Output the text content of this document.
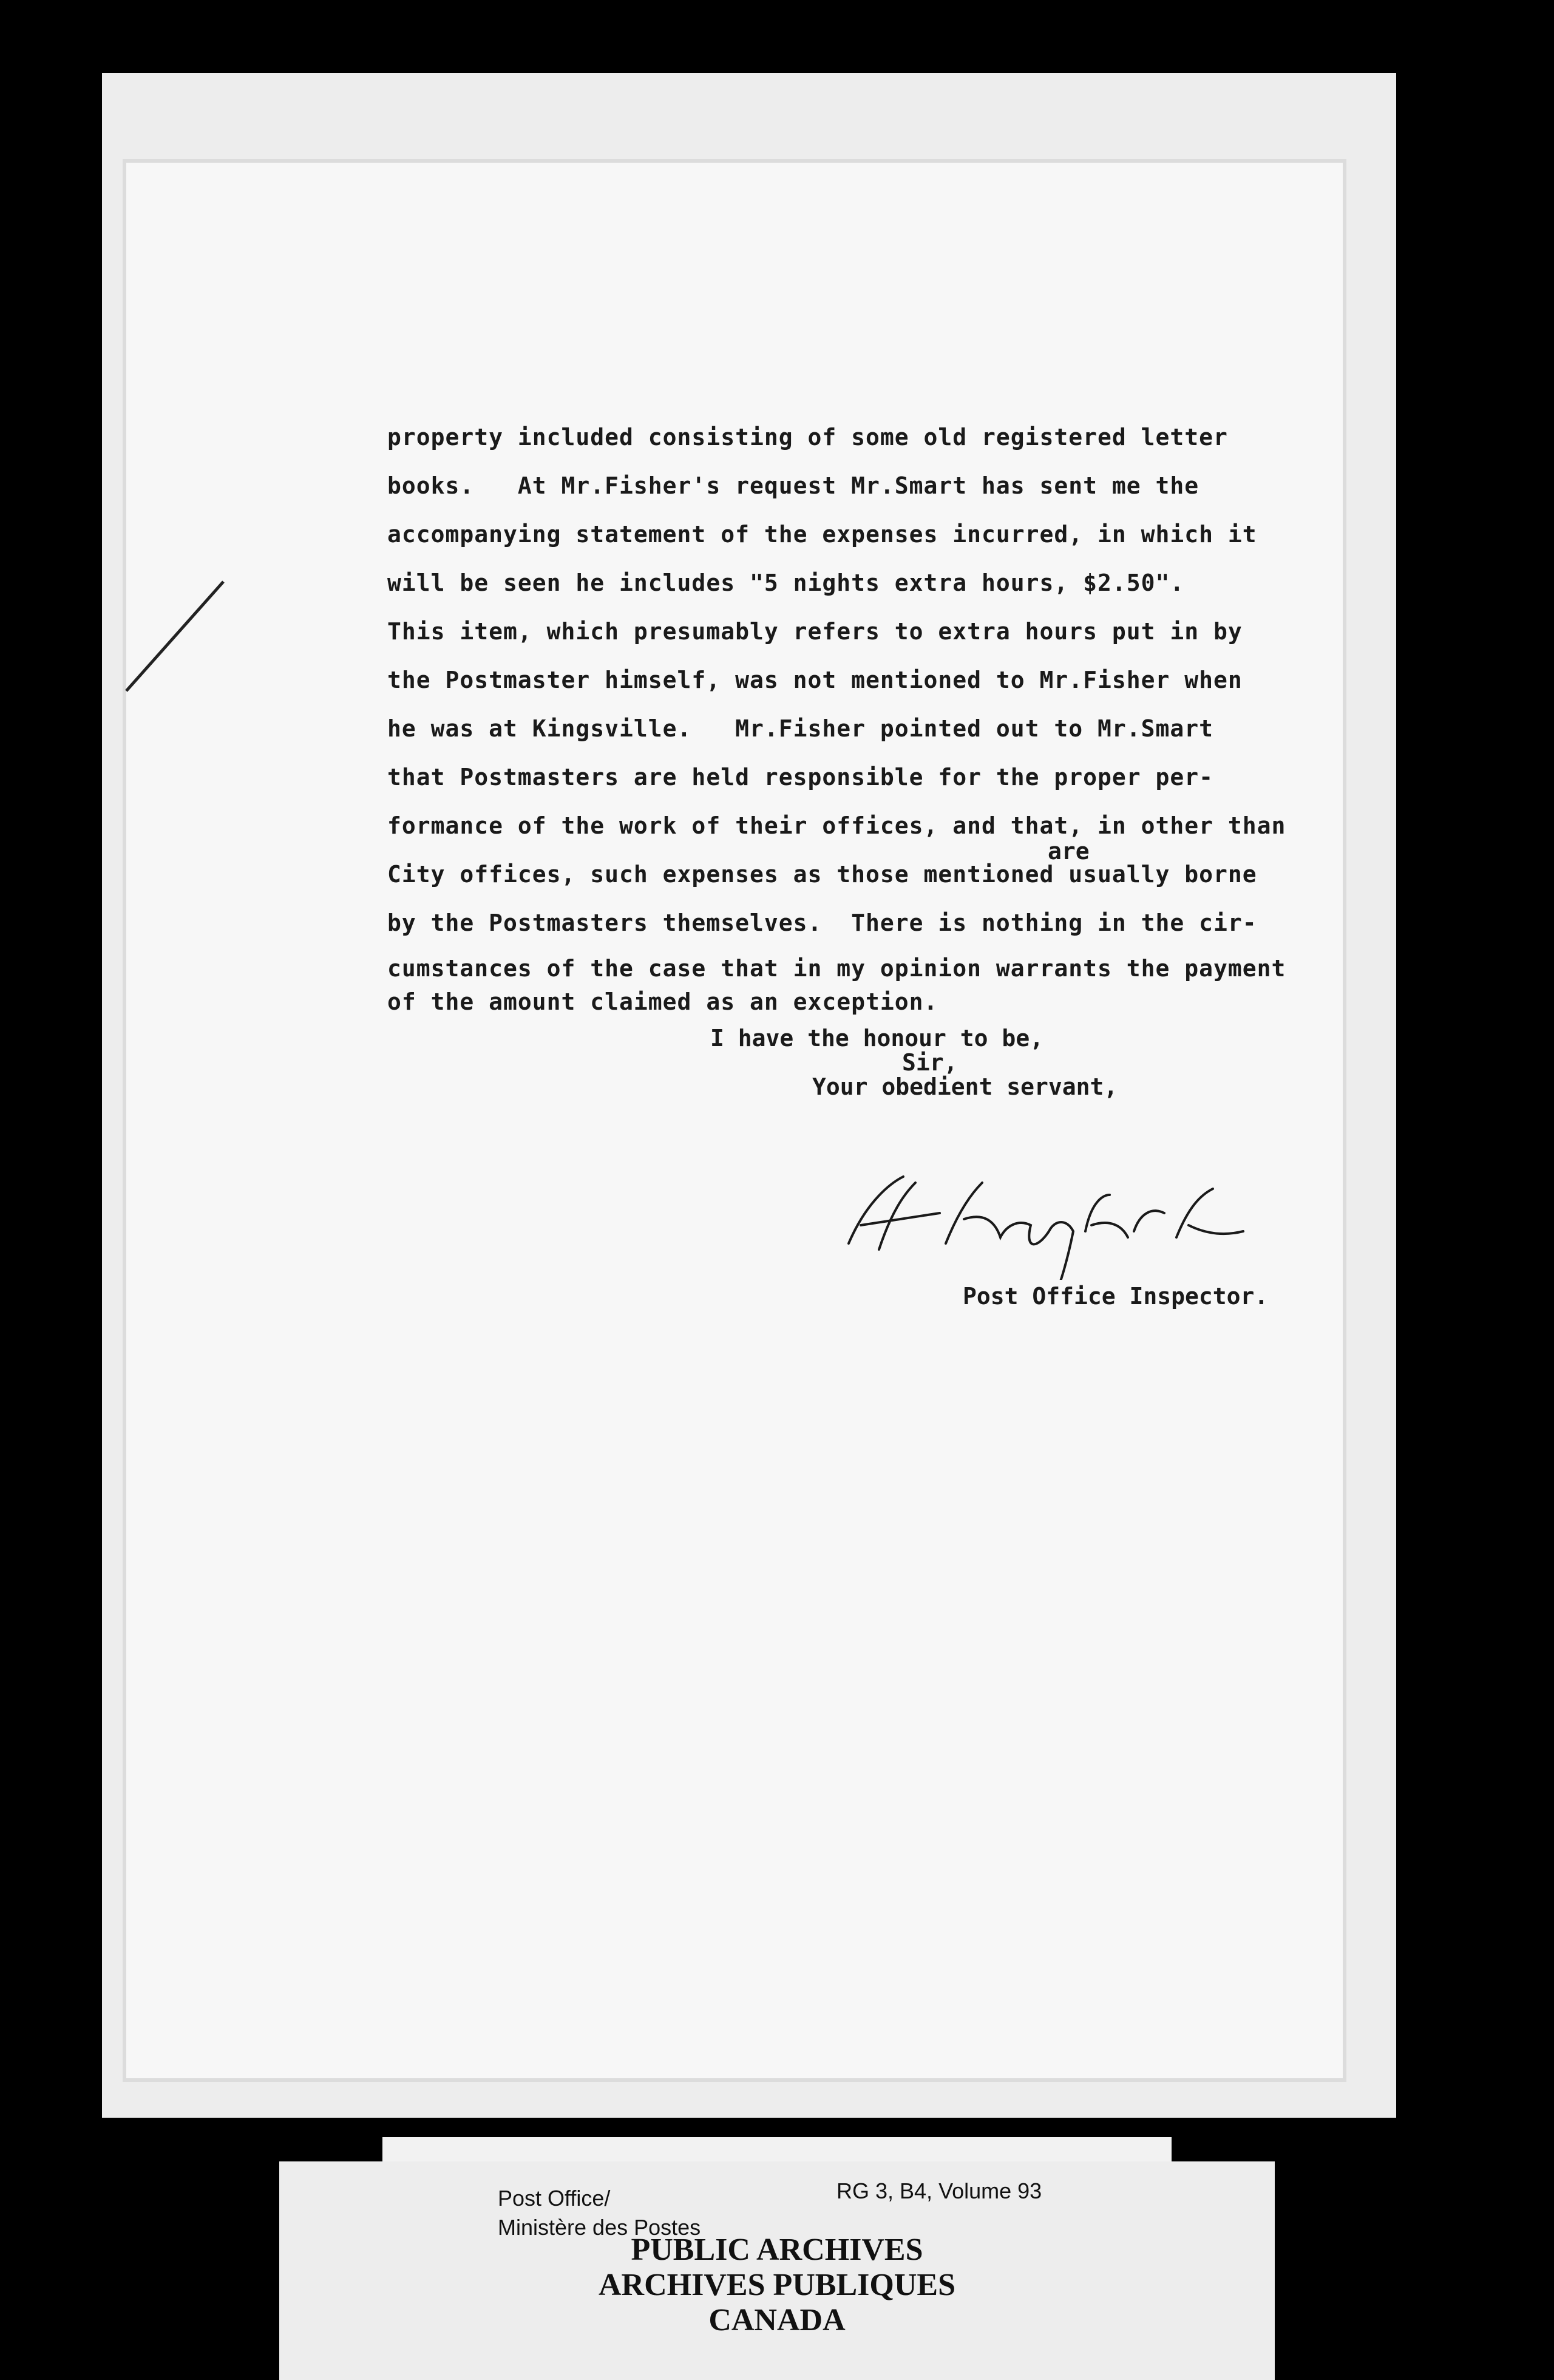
property included consisting of some old registered letter
books.   At Mr.Fisher's request Mr.Smart has sent me the
accompanying statement of the expenses incurred, in which it
will be seen he includes "5 nights extra hours, $2.50".
This item, which presumably refers to extra hours put in by
the Postmaster himself, was not mentioned to Mr.Fisher when
he was at Kingsville.   Mr.Fisher pointed out to Mr.Smart
that Postmasters are held responsible for the proper per-
formance of the work of their offices, and that, in other than
are
City offices, such expenses as those mentioned usually borne
by the Postmasters themselves.  There is nothing in the cir-
cumstances of the case that in my opinion warrants the payment
of the amount claimed as an exception.
I have the honour to be,
Sir,
Your obedient servant,
Post Office Inspector.
Post Office/
Ministère des Postes
RG 3, B4, Volume 93
PUBLIC ARCHIVES
ARCHIVES PUBLIQUES
CANADA
